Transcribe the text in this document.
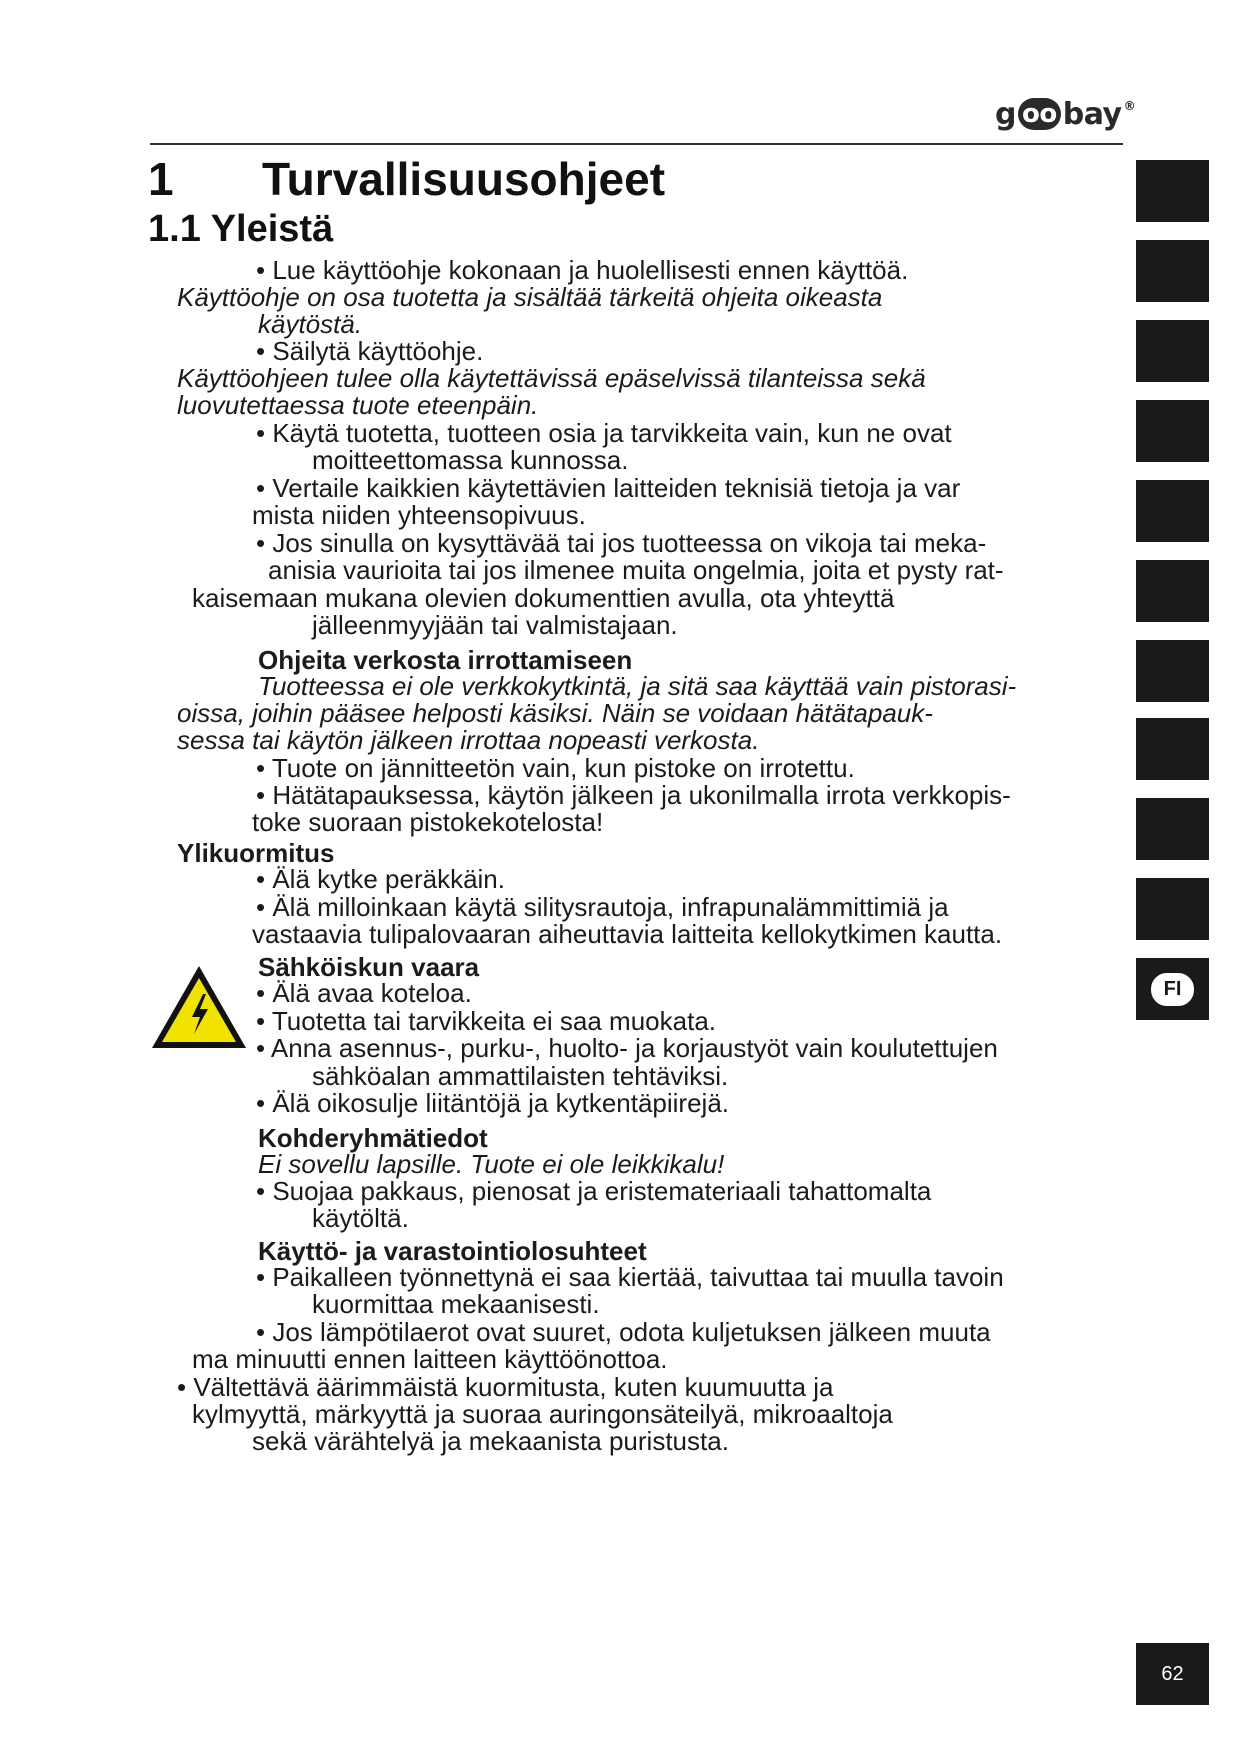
g oo bay ®
1 Turvallisuusohjeet
1.1 Yleistä
• Lue käyttöohje kokonaan ja huolellisesti ennen käyttöä.
Käyttöohje on osa tuotetta ja sisältää tärkeitä ohjeita oikeasta
käytöstä.
• Säilytä käyttöohje.
Käyttöohjeen tulee olla käytettävissä epäselvissä tilanteissa sekä
luovutettaessa tuote eteenpäin.
• Käytä tuotetta, tuotteen osia ja tarvikkeita vain, kun ne ovat
moitteettomassa kunnossa.
• Vertaile kaikkien käytettävien laitteiden teknisiä tietoja ja var
mista niiden yhteensopivuus.
• Jos sinulla on kysyttävää tai jos tuotteessa on vikoja tai meka-
anisia vaurioita tai jos ilmenee muita ongelmia, joita et pysty rat-
kaisemaan mukana olevien dokumenttien avulla, ota yhteyttä
jälleenmyyjään tai valmistajaan.
Ohjeita verkosta irrottamiseen
Tuotteessa ei ole verkkokytkintä, ja sitä saa käyttää vain pistorasi-
oissa, joihin pääsee helposti käsiksi. Näin se voidaan hätätapauk-
sessa tai käytön jälkeen irrottaa nopeasti verkosta.
• Tuote on jännitteetön vain, kun pistoke on irrotettu.
• Hätätapauksessa, käytön jälkeen ja ukonilmalla irrota verkkopis-
toke suoraan pistokekotelosta!
Ylikuormitus
• Älä kytke peräkkäin.
• Älä milloinkaan käytä silitysrautoja, infrapunalämmittimiä ja
vastaavia tulipalovaaran aiheuttavia laitteita kellokytkimen kautta.
Sähköiskun vaara
• Älä avaa koteloa.
• Tuotetta tai tarvikkeita ei saa muokata.
• Anna asennus-, purku-, huolto- ja korjaustyöt vain koulutettujen
sähköalan ammattilaisten tehtäviksi.
• Älä oikosulje liitäntöjä ja kytkentäpiirejä.
Kohderyhmätiedot
Ei sovellu lapsille. Tuote ei ole leikkikalu!
• Suojaa pakkaus, pienosat ja eristemateriaali tahattomalta
käytöltä.
Käyttö- ja varastointiolosuhteet
• Paikalleen työnnettynä ei saa kiertää, taivuttaa tai muulla tavoin
kuormittaa mekaanisesti.
• Jos lämpötilaerot ovat suuret, odota kuljetuksen jälkeen muuta
ma minuutti ennen laitteen käyttöönottoa.
• Vältettävä äärimmäistä kuormitusta, kuten kuumuutta ja
kylmyyttä, märkyyttä ja suoraa auringonsäteilyä, mikroaaltoja
sekä värähtelyä ja mekaanista puristusta.
FI
62
